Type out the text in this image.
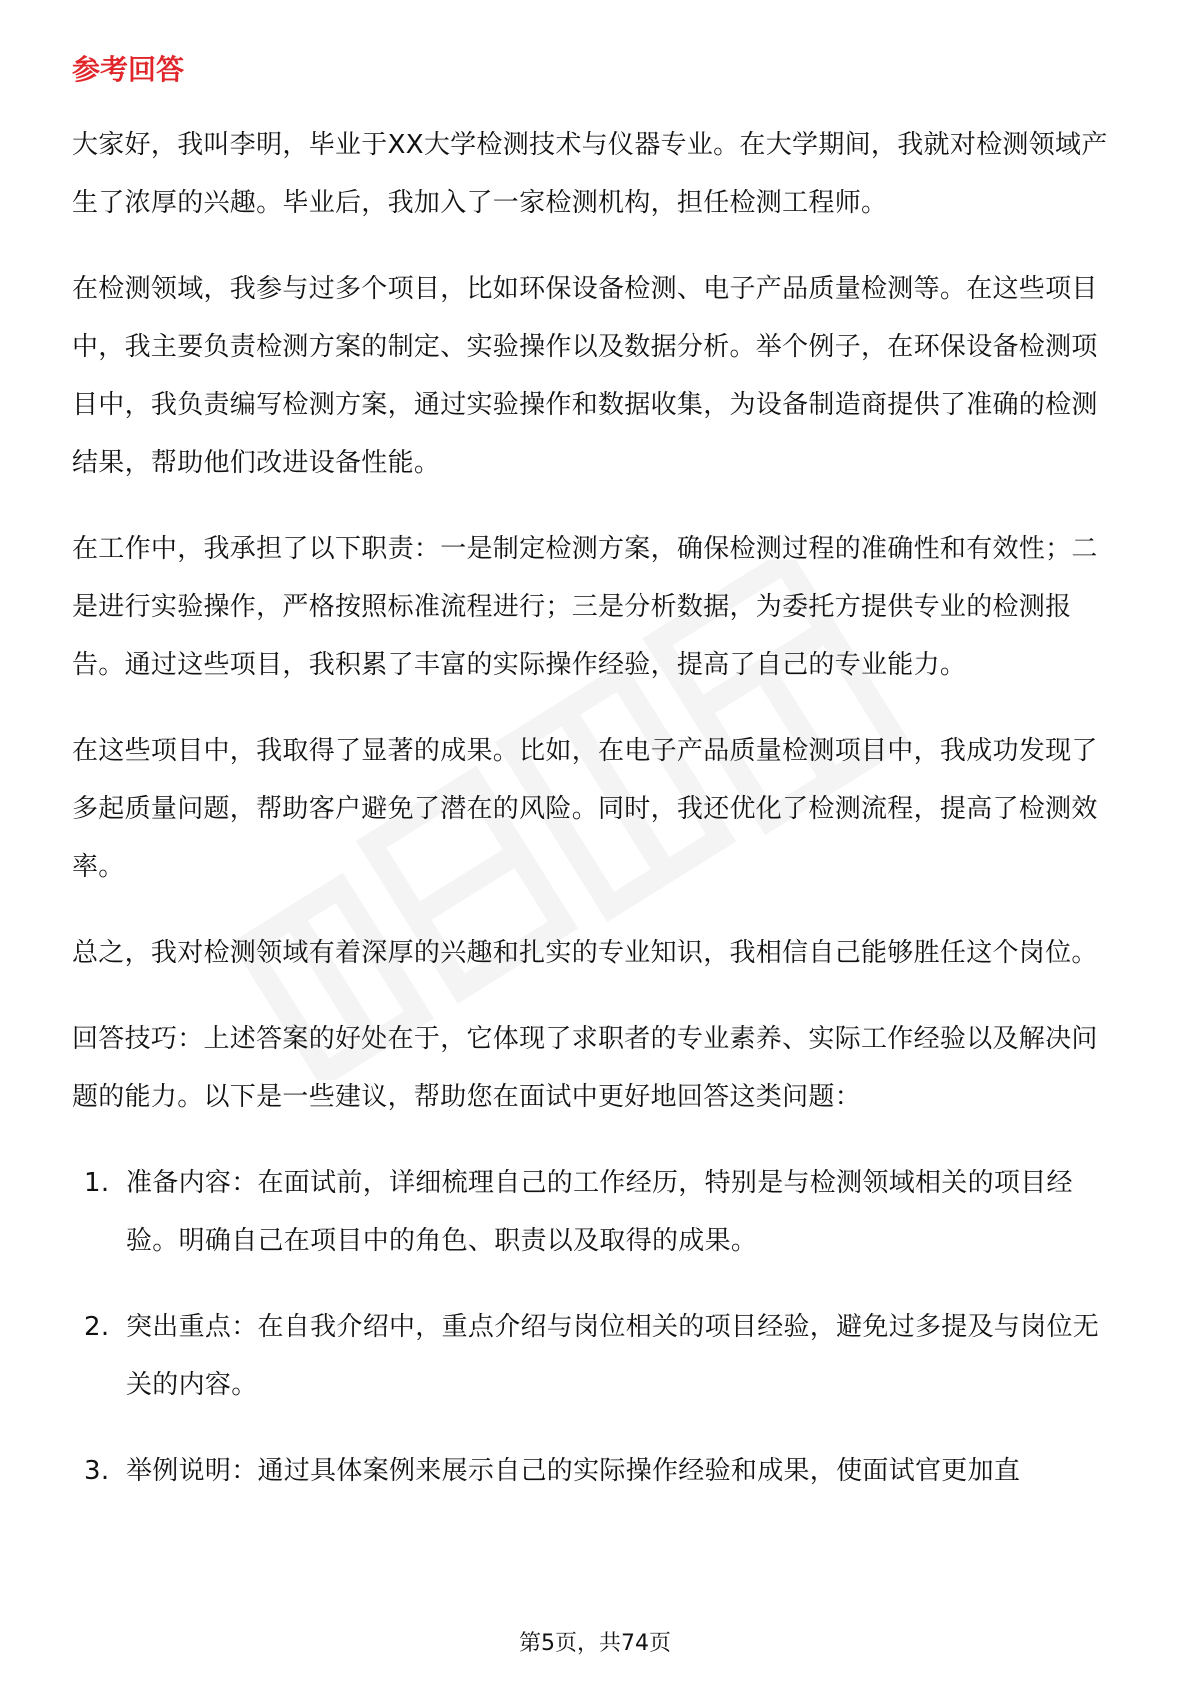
参考回答

大家好，我叫李明，毕业于XX大学检测技术与仪器专业。在大学期间，我就对检测领域产生了浓厚的兴趣。毕业后，我加入了一家检测机构，担任检测工程师。

在检测领域，我参与过多个项目，比如环保设备检测、电子产品质量检测等。在这些项目中，我主要负责检测方案的制定、实验操作以及数据分析。举个例子，在环保设备检测项目中，我负责编写检测方案，通过实验操作和数据收集，为设备制造商提供了准确的检测结果，帮助他们改进设备性能。

在工作中，我承担了以下职责：一是制定检测方案，确保检测过程的准确性和有效性；二是进行实验操作，严格按照标准流程进行；三是分析数据，为委托方提供专业的检测报告。通过这些项目，我积累了丰富的实际操作经验，提高了自己的专业能力。

在这些项目中，我取得了显著的成果。比如，在电子产品质量检测项目中，我成功发现了多起质量问题，帮助客户避免了潜在的风险。同时，我还优化了检测流程，提高了检测效率。

总之，我对检测领域有着深厚的兴趣和扎实的专业知识，我相信自己能够胜任这个岗位。

回答技巧：上述答案的好处在于，它体现了求职者的专业素养、实际工作经验以及解决问题的能力。以下是一些建议，帮助您在面试中更好地回答这类问题：

1. 准备内容：在面试前，详细梳理自己的工作经历，特别是与检测领域相关的项目经验。明确自己在项目中的角色、职责以及取得的成果。
2. 突出重点：在自我介绍中，重点介绍与岗位相关的项目经验，避免过多提及与岗位无关的内容。
3. 举例说明：通过具体案例来展示自己的实际操作经验和成果，使面试官更加直
第5页，共74页
